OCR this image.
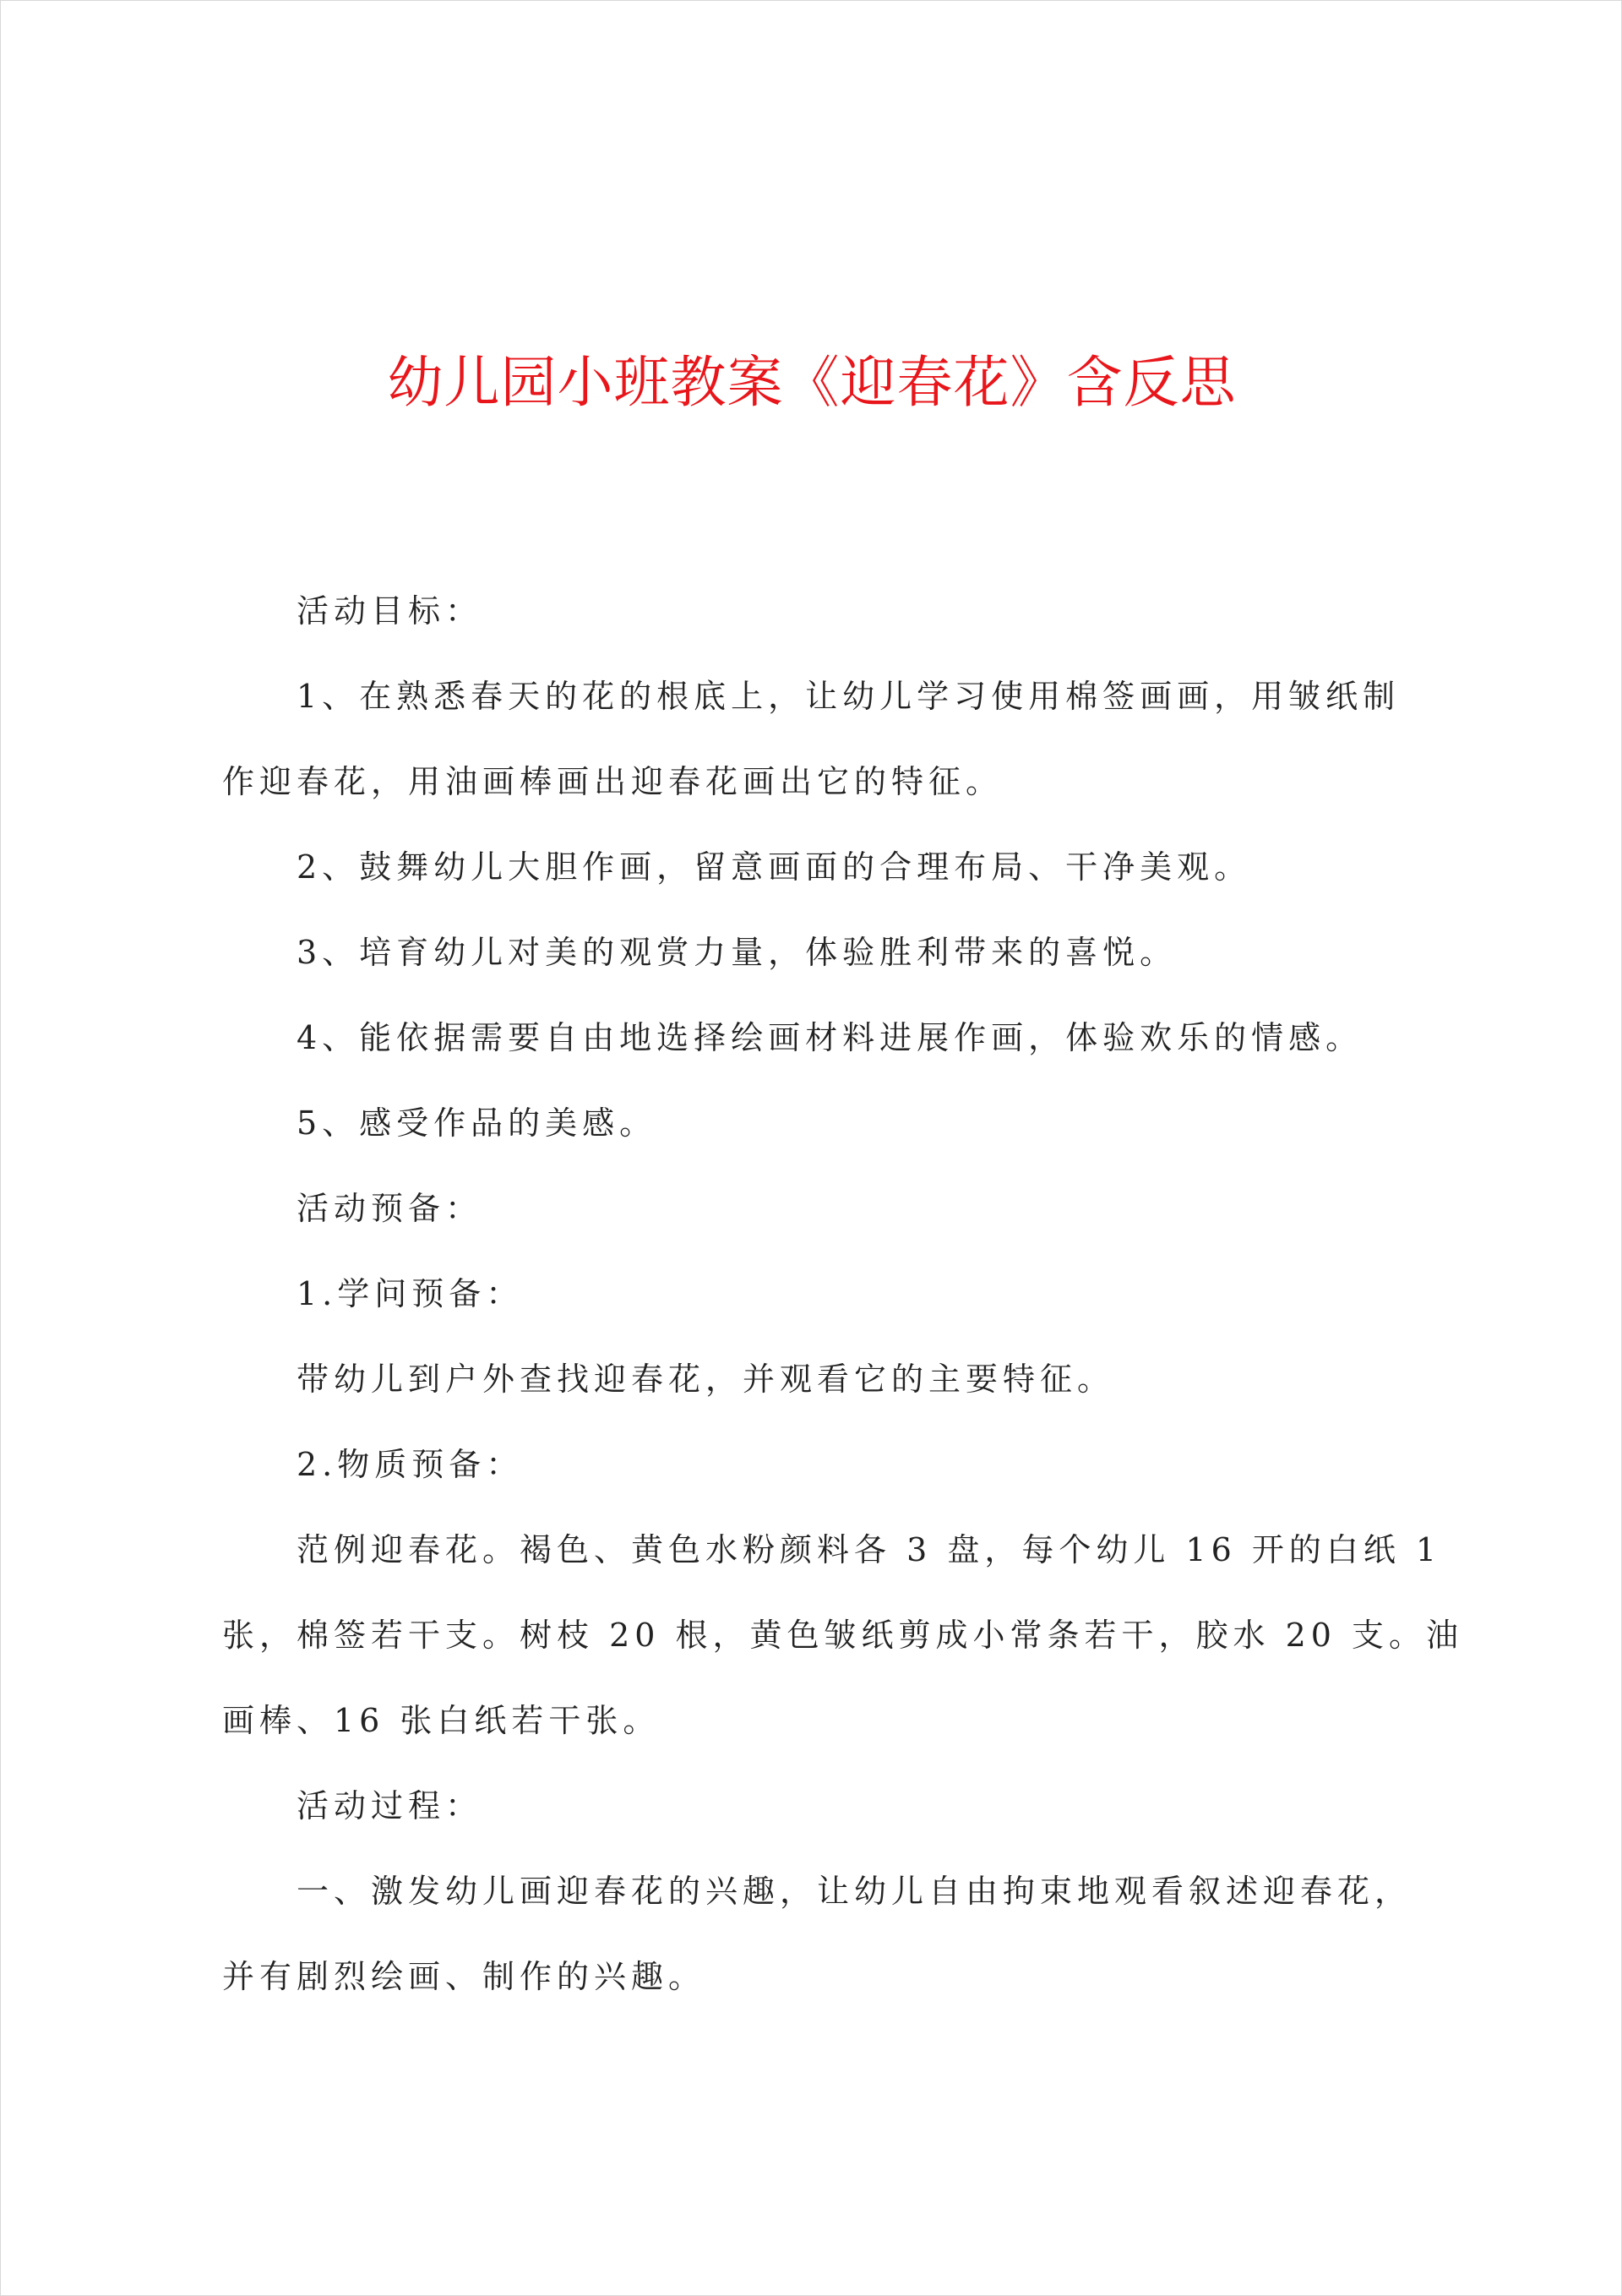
幼儿园小班教案《迎春花》含反思

活动目标：

1、在熟悉春天的花的根底上，让幼儿学习使用棉签画画，用皱纸制

作迎春花，用油画棒画出迎春花画出它的特征。

2、鼓舞幼儿大胆作画，留意画面的合理布局、干净美观。

3、培育幼儿对美的观赏力量，体验胜利带来的喜悦。

4、能依据需要自由地选择绘画材料进展作画，体验欢乐的情感。

5、感受作品的美感。

活动预备：

1.学问预备：

带幼儿到户外查找迎春花，并观看它的主要特征。

2.物质预备：

范例迎春花。褐色、黄色水粉颜料各 3 盘，每个幼儿 16 开的白纸 1

张，棉签若干支。树枝 20 根，黄色皱纸剪成小常条若干，胶水 20 支。油

画棒、16 张白纸若干张。

活动过程：

一、激发幼儿画迎春花的兴趣，让幼儿自由拘束地观看叙述迎春花，

并有剧烈绘画、制作的兴趣。
